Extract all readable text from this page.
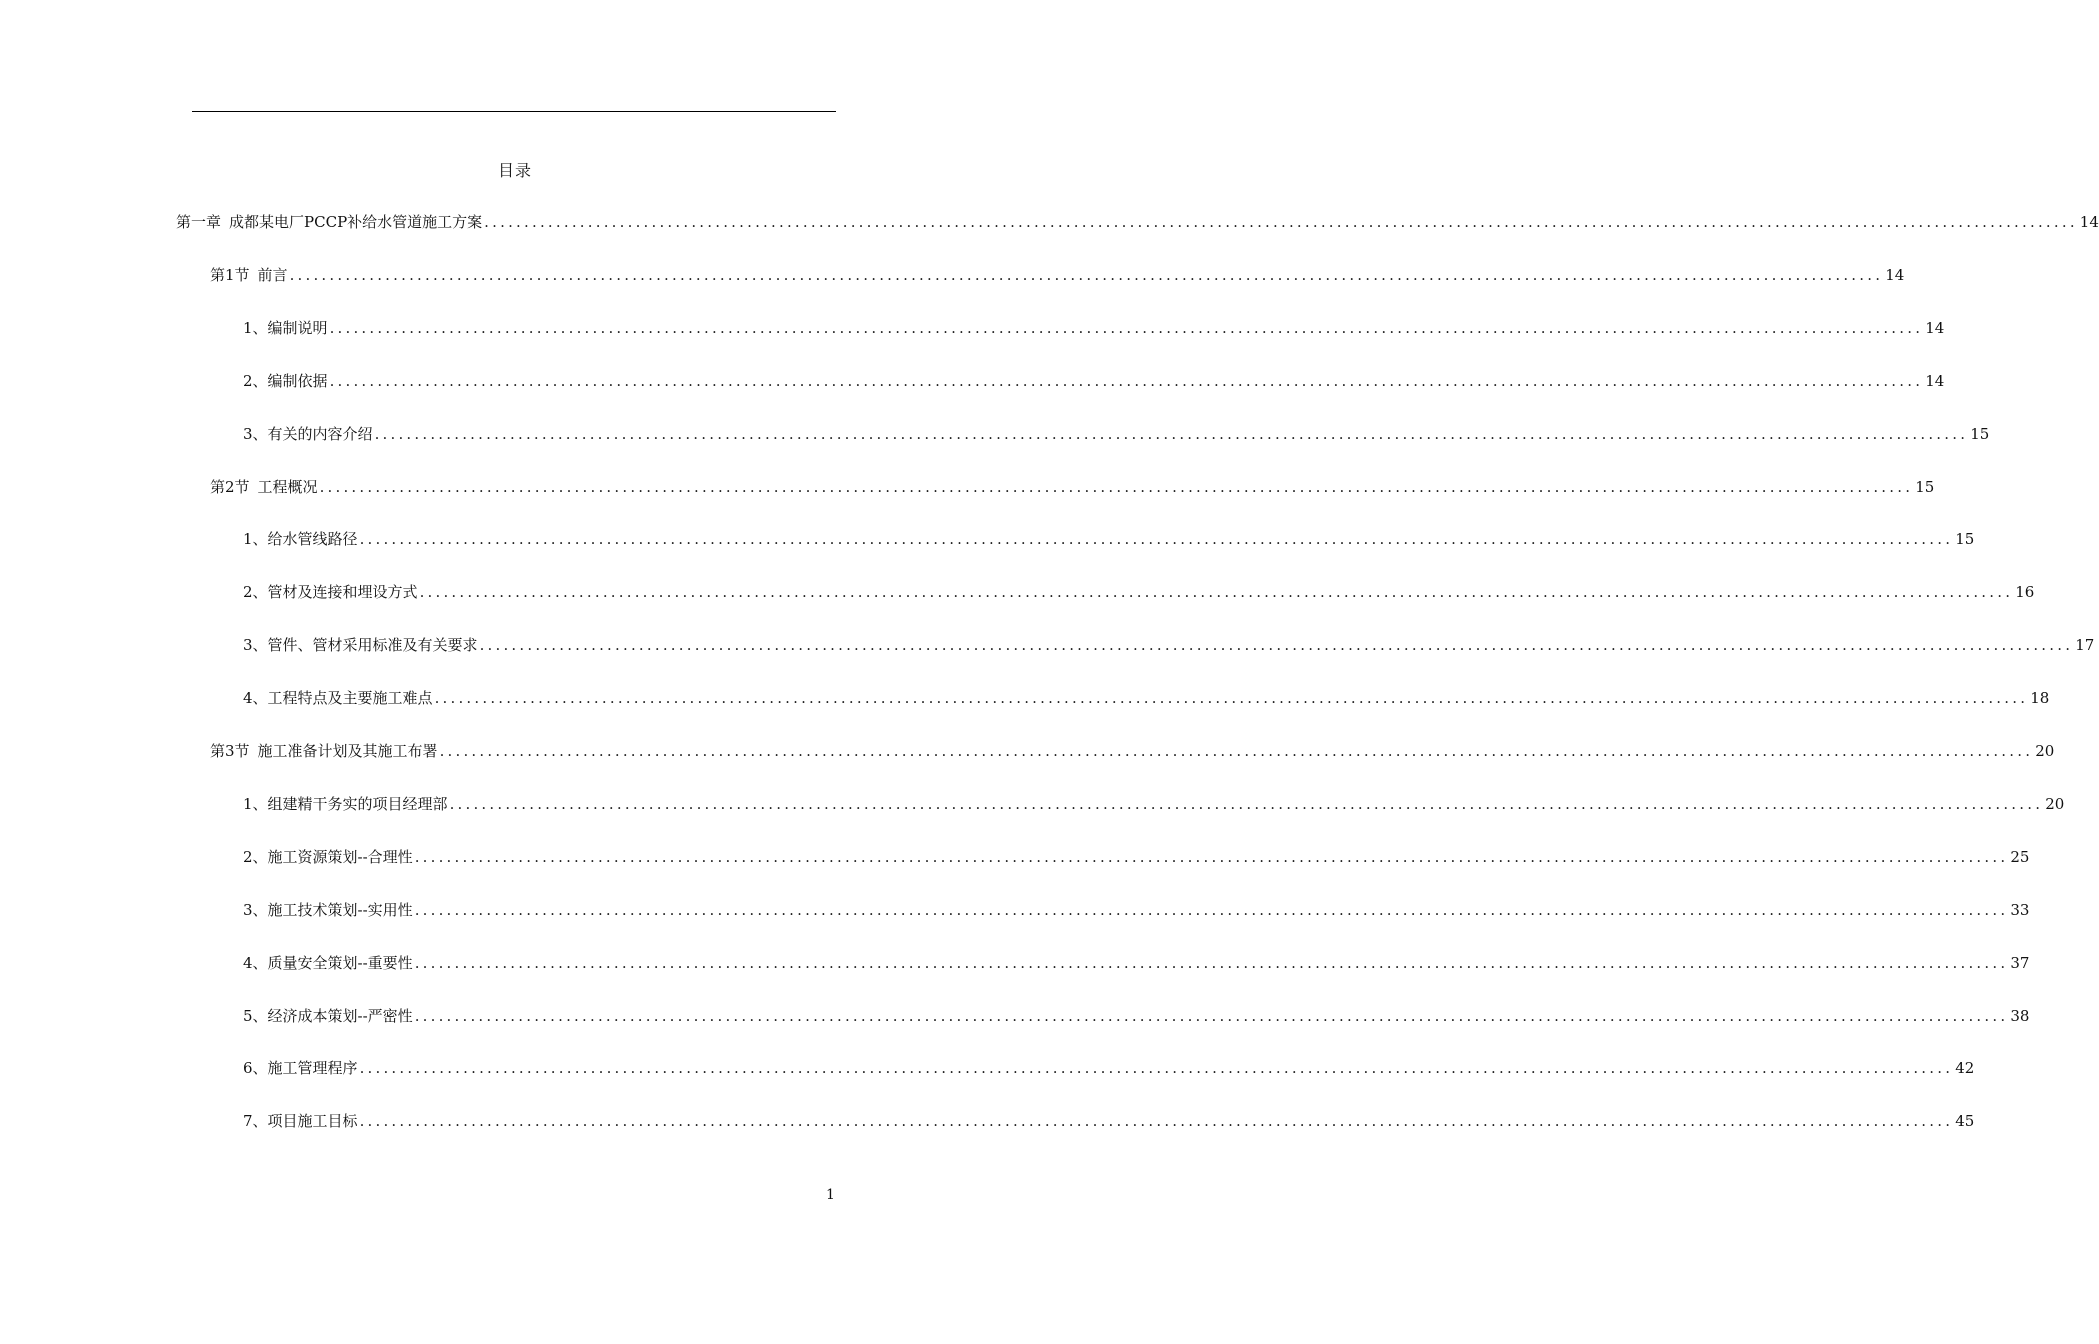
目录
第一章 成都某电厂PCCP补给水管道施工方案 ........................................................................................................................................................................................................ 14
第1节 前言 ........................................................................................................................................................................................................ 14
1、 编制说明 ........................................................................................................................................................................................................ 14
2、 编制依据 ........................................................................................................................................................................................................ 14
3、 有关的内容介绍 ........................................................................................................................................................................................................ 15
第2节 工程概况 ........................................................................................................................................................................................................ 15
1、 给水管线路径 ........................................................................................................................................................................................................ 15
2、 管材及连接和埋设方式 ........................................................................................................................................................................................................ 16
3、 管件、管材采用标准及有关要求 ........................................................................................................................................................................................................ 17
4、 工程特点及主要施工难点 ........................................................................................................................................................................................................ 18
第3节 施工准备计划及其施工布署 ........................................................................................................................................................................................................ 20
1、 组建精干务实的项目经理部 ........................................................................................................................................................................................................ 20
2、 施工资源策划--合理性 ........................................................................................................................................................................................................ 25
3、 施工技术策划--实用性 ........................................................................................................................................................................................................ 33
4、 质量安全策划--重要性 ........................................................................................................................................................................................................ 37
5、 经济成本策划--严密性 ........................................................................................................................................................................................................ 38
6、 施工管理程序 ........................................................................................................................................................................................................ 42
7、 项目施工目标 ........................................................................................................................................................................................................ 45
1
